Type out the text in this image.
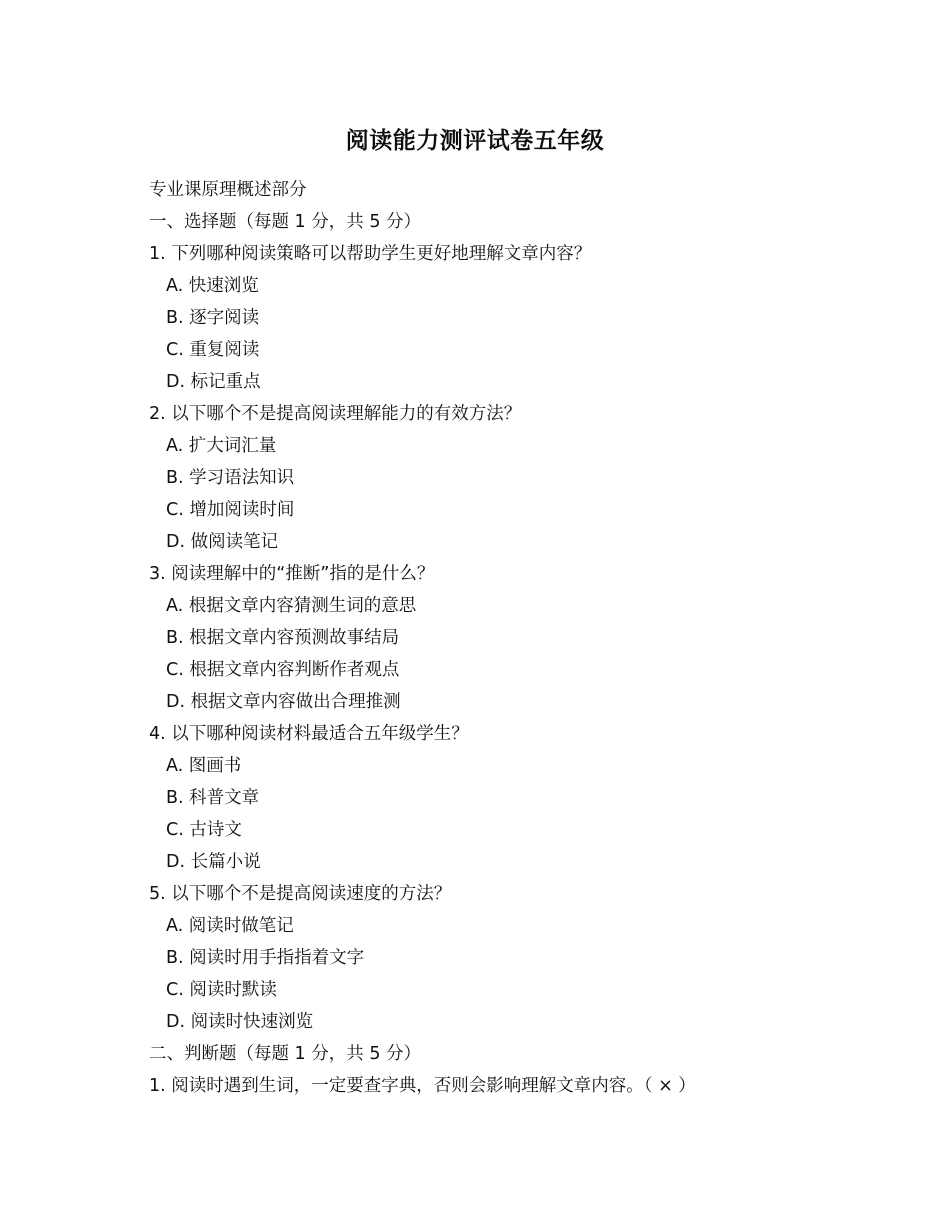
阅读能力测评试卷五年级
专业课原理概述部分
一、选择题（每题 1 分，共 5 分）
1. 下列哪种阅读策略可以帮助学生更好地理解文章内容？
A. 快速浏览
B. 逐字阅读
C. 重复阅读
D. 标记重点
2. 以下哪个不是提高阅读理解能力的有效方法？
A. 扩大词汇量
B. 学习语法知识
C. 增加阅读时间
D. 做阅读笔记
3. 阅读理解中的“推断”指的是什么？
A. 根据文章内容猜测生词的意思
B. 根据文章内容预测故事结局
C. 根据文章内容判断作者观点
D. 根据文章内容做出合理推测
4. 以下哪种阅读材料最适合五年级学生？
A. 图画书
B. 科普文章
C. 古诗文
D. 长篇小说
5. 以下哪个不是提高阅读速度的方法？
A. 阅读时做笔记
B. 阅读时用手指指着文字
C. 阅读时默读
D. 阅读时快速浏览
二、判断题（每题 1 分，共 5 分）
1. 阅读时遇到生词，一定要查字典，否则会影响理解文章内容。（ × ）
